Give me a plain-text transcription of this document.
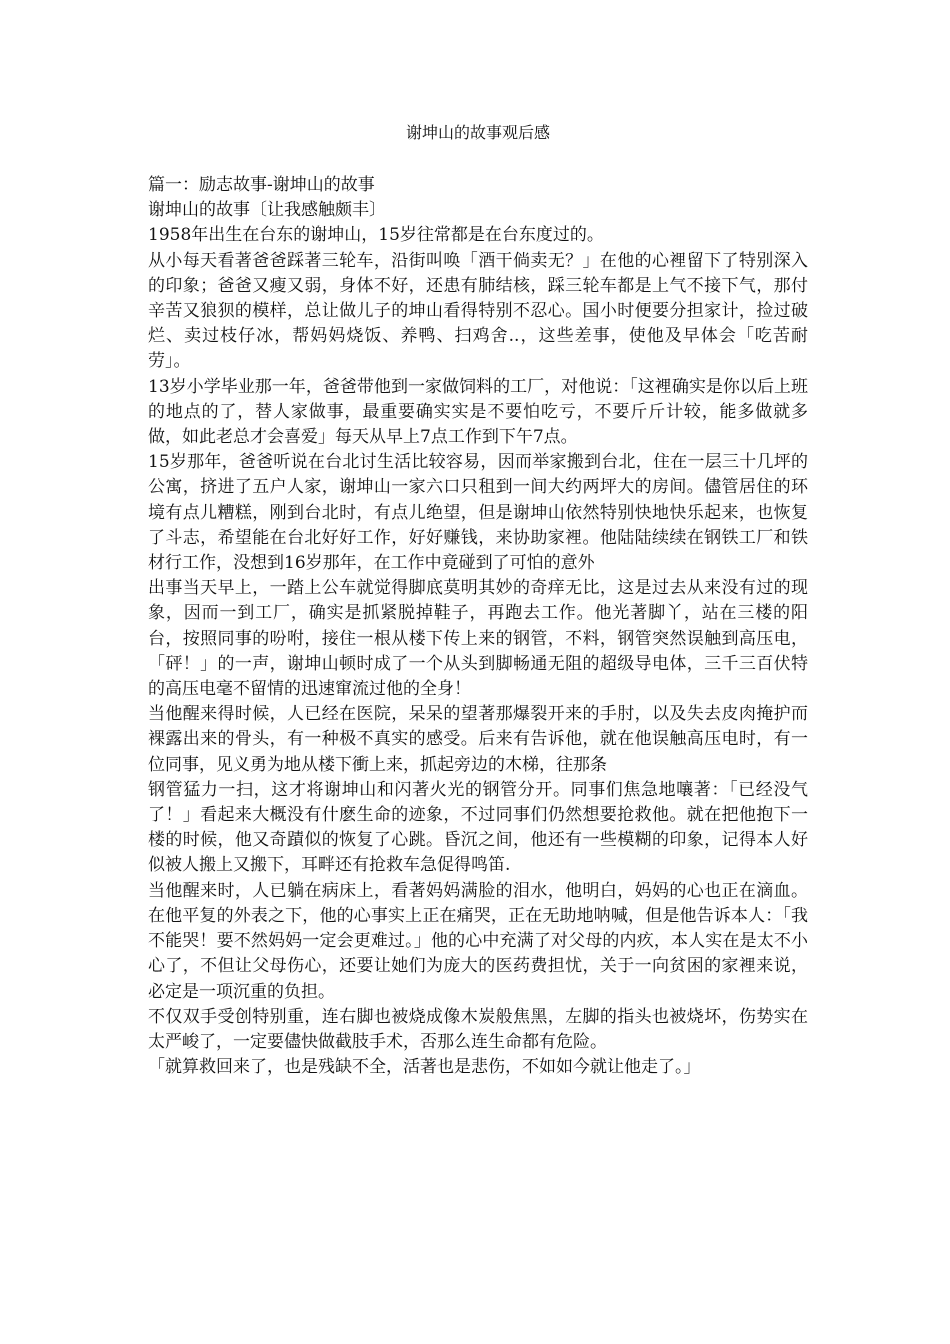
谢坤山的故事观后感

篇一：励志故事-谢坤山的故事

谢坤山的故事〔让我感触颇丰〕

1958年出生在台东的谢坤山，15岁往常都是在台东度过的。

从小每天看著爸爸踩著三轮车，沿街叫唤「酒干倘卖无？」在他的心裡留下了特别深入的印象；爸爸又瘦又弱，身体不好，还患有肺结核，踩三轮车都是上气不接下气，那付辛苦又狼狈的模样，总让做儿子的坤山看得特别不忍心。国小时便要分担家计，捡过破烂、卖过枝仔冰，帮妈妈烧饭、养鸭、扫鸡舍..，这些差事，使他及早体会「吃苦耐劳」。

13岁小学毕业那一年，爸爸带他到一家做饲料的工厂，对他说：「这裡确实是你以后上班的地点的了，替人家做事，最重要确实实是不要怕吃亏，不要斤斤计较，能多做就多做，如此老总才会喜爱」每天从早上7点工作到下午7点。

15岁那年，爸爸听说在台北讨生活比较容易，因而举家搬到台北，住在一层三十几坪的公寓，挤进了五户人家，谢坤山一家六口只租到一间大约两坪大的房间。儘管居住的环境有点儿糟糕，刚到台北时，有点儿绝望，但是谢坤山依然特别快地快乐起来，也恢复了斗志，希望能在台北好好工作，好好赚钱，来协助家裡。他陆陆续续在钢铁工厂和铁材行工作，没想到16岁那年，在工作中竟碰到了可怕的意外

出事当天早上，一踏上公车就觉得脚底莫明其妙的奇痒无比，这是过去从来没有过的现象，因而一到工厂，确实是抓紧脱掉鞋子，再跑去工作。他光著脚丫，站在三楼的阳台，按照同事的吩咐，接住一根从楼下传上来的钢管，不料，钢管突然误触到高压电，「砰！」的一声，谢坤山顿时成了一个从头到脚畅通无阻的超级导电体，三千三百伏特的高压电毫不留情的迅速窜流过他的全身！

当他醒来得时候，人已经在医院，呆呆的望著那爆裂开来的手肘，以及失去皮肉掩护而裸露出来的骨头，有一种极不真实的感受。后来有告诉他，就在他误触高压电时，有一位同事，见义勇为地从楼下衝上来，抓起旁边的木梯，往那条

钢管猛力一扫，这才将谢坤山和闪著火光的钢管分开。同事们焦急地嚷著：「已经没气了！」看起来大概没有什麽生命的迹象，不过同事们仍然想要抢救他。就在把他抱下一楼的时候，他又奇蹟似的恢复了心跳。昏沉之间，他还有一些模糊的印象，记得本人好似被人搬上又搬下，耳畔还有抢救车急促得鸣笛.

当他醒来时，人已躺在病床上，看著妈妈满脸的泪水，他明白，妈妈的心也正在滴血。在他平复的外表之下，他的心事实上正在痛哭，正在无助地呐喊，但是他告诉本人：「我不能哭！要不然妈妈一定会更难过。」他的心中充满了对父母的内疚，本人实在是太不小心了，不但让父母伤心，还要让她们为庞大的医药费担忧，关于一向贫困的家裡来说，必定是一项沉重的负担。

不仅双手受创特别重，连右脚也被烧成像木炭般焦黑，左脚的指头也被烧坏，伤势实在太严峻了，一定要儘快做截肢手术，否那么连生命都有危险。

「就算救回来了，也是残缺不全，活著也是悲伤，不如如今就让他走了。」
